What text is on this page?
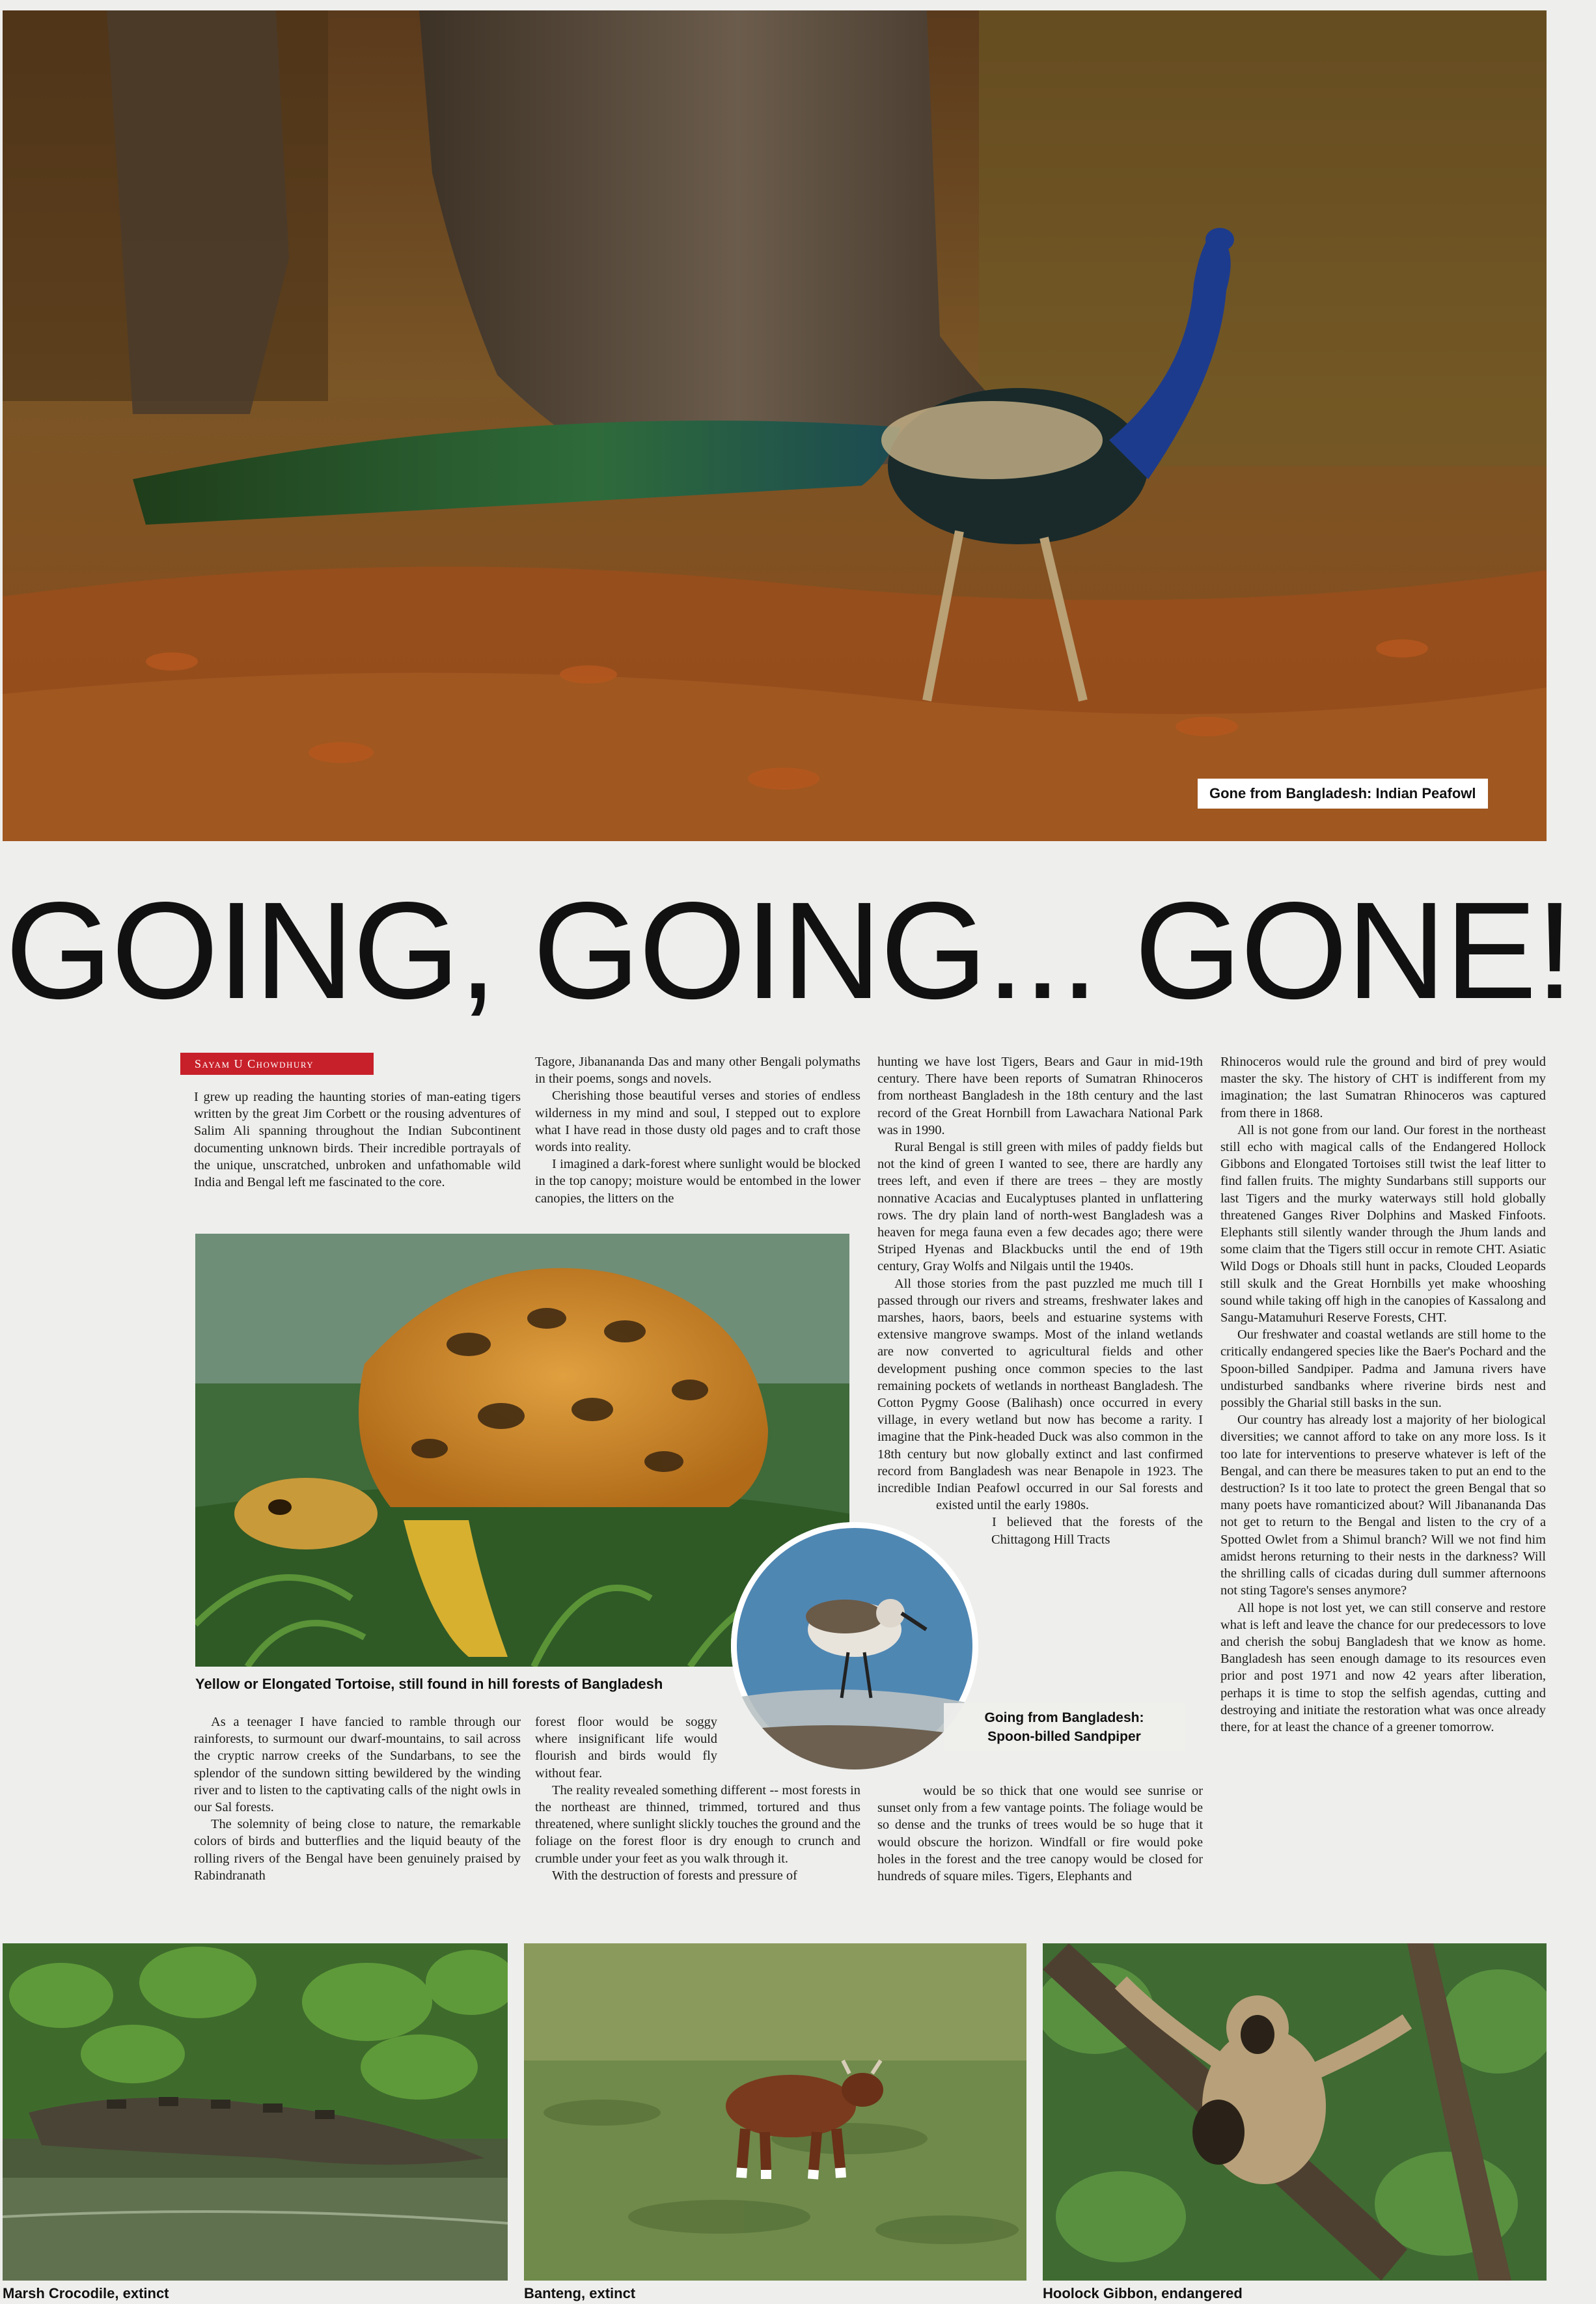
Gone from Bangladesh: Indian Peafowl
GOING, GOING... GONE!
Sayam U Chowdhury

I grew up reading the haunting stories of man-eating tigers written by the great Jim Corbett or the rousing adventures of Salim Ali spanning throughout the Indian Subcontinent documenting unknown birds. Their incredible portrayals of the unique, unscratched, unbroken and unfathomable wild India and Bengal left me fascinated to the core.

Tagore, Jibanananda Das and many other Bengali polymaths in their poems, songs and novels.

Cherishing those beautiful verses and stories of endless wilderness in my mind and soul, I stepped out to explore what I have read in those dusty old pages and to craft those words into reality.

I imagined a dark-forest where sunlight would be blocked in the top canopy; moisture would be entombed in the lower canopies, the litters on the

Yellow or Elongated Tortoise, still found in hill forests of Bangladesh

As a teenager I have fancied to ramble through our rainforests, to surmount our dwarf-mountains, to sail across the cryptic narrow creeks of the Sundarbans, to see the splendor of the sundown sitting bewildered by the winding river and to listen to the captivating calls of the night owls in our Sal forests.

The solemnity of being close to nature, the remarkable colors of birds and butterflies and the liquid beauty of the rolling rivers of the Bengal have been genuinely praised by Rabindranath

forest floor would be soggy where insignificant life would flourish and birds would fly without fear.

The reality revealed something different -- most forests in the northeast are thinned, trimmed, tortured and thus threatened, where sunlight slickly touches the ground and the foliage on the forest floor is dry enough to crunch and crumble under your feet as you walk through it.

With the destruction of forests and pressure of

hunting we have lost Tigers, Bears and Gaur in mid-19th century. There have been reports of Sumatran Rhinoceros from northeast Bangladesh in the 18th century and the last record of the Great Hornbill from Lawachara National Park was in 1990.

Rural Bengal is still green with miles of paddy fields but not the kind of green I wanted to see, there are hardly any trees left, and even if there are trees – they are mostly nonnative Acacias and Eucalyptuses planted in unflattering rows. The dry plain land of north-west Bangladesh was a heaven for mega fauna even a few decades ago; there were Striped Hyenas and Blackbucks until the end of 19th century, Gray Wolfs and Nilgais until the 1940s.

All those stories from the past puzzled me much till I passed through our rivers and streams, freshwater lakes and marshes, haors, baors, beels and estuarine systems with extensive mangrove swamps. Most of the inland wetlands are now converted to agricultural fields and other development pushing once common species to the last remaining pockets of wetlands in northeast Bangladesh. The Cotton Pygmy Goose (Balihash) once occurred in every village, in every wetland but now has become a rarity. I imagine that the Pink-headed Duck was also common in the 18th century but now globally extinct and last confirmed record from Bangladesh was near Benapole in 1923. The incredible Indian Peafowl occurred in our Sal forests and existed until the early 1980s.

I believed that the forests of the Chittagong Hill Tracts

would be so thick that one would see sunrise or sunset only from a few vantage points. The foliage would be so dense and the trunks of trees would be so huge that it would obscure the horizon. Windfall or fire would poke holes in the forest and the tree canopy would be closed for hundreds of square miles. Tigers, Elephants and

Going from Bangladesh:
Spoon-billed Sandpiper

Rhinoceros would rule the ground and bird of prey would master the sky. The history of CHT is indifferent from my imagination; the last Sumatran Rhinoceros was captured from there in 1868.

All is not gone from our land. Our forest in the northeast still echo with magical calls of the Endangered Hollock Gibbons and Elongated Tortoises still twist the leaf litter to find fallen fruits. The mighty Sundarbans still supports our last Tigers and the murky waterways still hold globally threatened Ganges River Dolphins and Masked Finfoots. Elephants still silently wander through the Jhum lands and some claim that the Tigers still occur in remote CHT. Asiatic Wild Dogs or Dhoals still hunt in packs, Clouded Leopards still skulk and the Great Hornbills yet make whooshing sound while taking off high in the canopies of Kassalong and Sangu-Matamuhuri Reserve Forests, CHT.

Our freshwater and coastal wetlands are still home to the critically endangered species like the Baer's Pochard and the Spoon-billed Sandpiper. Padma and Jamuna rivers have undisturbed sandbanks where riverine birds nest and possibly the Gharial still basks in the sun.

Our country has already lost a majority of her biological diversities; we cannot afford to take on any more loss. Is it too late for interventions to preserve whatever is left of the Bengal, and can there be measures taken to put an end to the destruction? Is it too late to protect the green Bengal that so many poets have romanticized about? Will Jibanananda Das not get to return to the Bengal and listen to the cry of a Spotted Owlet from a Shimul branch? Will we not find him amidst herons returning to their nests in the darkness? Will the shrilling calls of cicadas during dull summer afternoons not sting Tagore's senses anymore?

All hope is not lost yet, we can still conserve and restore what is left and leave the chance for our predecessors to love and cherish the sobuj Bangladesh that we know as home. Bangladesh has seen enough damage to its resources even prior and post 1971 and now 42 years after liberation, perhaps it is time to stop the selfish agendas, cutting and destroying and initiate the restoration what was once already there, for at least the chance of a greener tomorrow.

Marsh Crocodile, extinct	Banteng, extinct	Hoolock Gibbon, endangered
